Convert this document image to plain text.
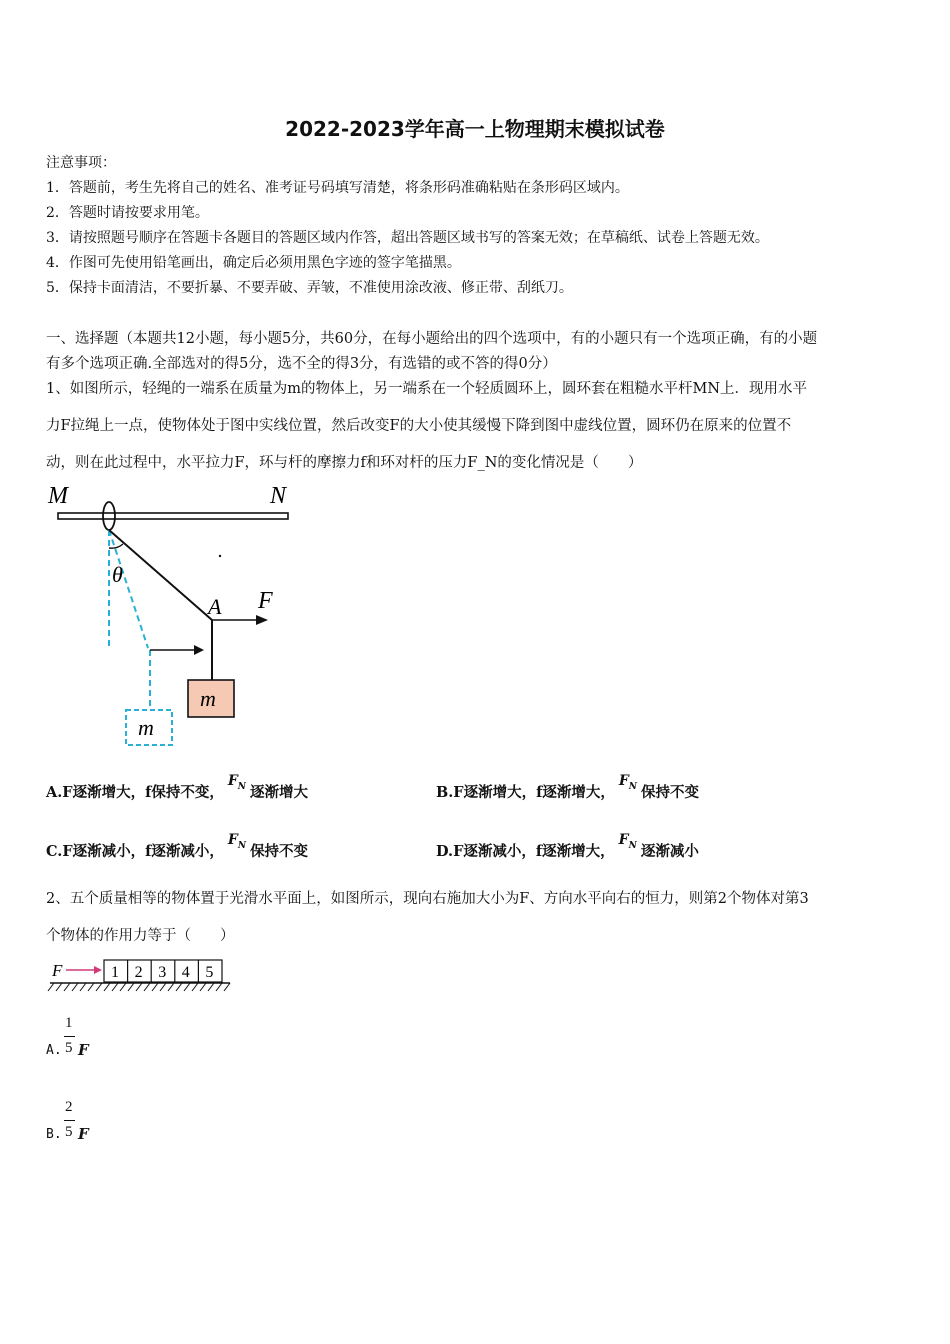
2022-2023学年高一上物理期末模拟试卷
注意事项：
1．答题前，考生先将自己的姓名、准考证号码填写清楚，将条形码准确粘贴在条形码区域内。
2．答题时请按要求用笔。
3．请按照题号顺序在答题卡各题目的答题区域内作答，超出答题区域书写的答案无效；在草稿纸、试卷上答题无效。
4．作图可先使用铅笔画出，确定后必须用黑色字迹的签字笔描黑。
5．保持卡面清洁，不要折暴、不要弄破、弄皱，不准使用涂改液、修正带、刮纸刀。
一、选择题（本题共12小题，每小题5分，共60分，在每小题给出的四个选项中，有的小题只有一个选项正确，有的小题
有多个选项正确.全部选对的得5分，选不全的得3分，有选错的或不答的得0分）
1、如图所示，轻绳的一端系在质量为m的物体上，另一端系在一个轻质圆环上，圆环套在粗糙水平杆MN上．现用水平
力F拉绳上一点，使物体处于图中实线位置，然后改变F的大小使其缓慢下降到图中虚线位置，圆环仍在原来的位置不
动，则在此过程中，水平拉力F，环与杆的摩擦力f和环对杆的压力F_N的变化情况是（　　）
M	N
m
m
A F
θ
A.F逐渐增大，f保持不变，$F_N$ 逐渐增大	B.F逐渐增大，f逐渐增大，$F_N$ 保持不变
C.F逐渐减小，f逐渐减小，$F_N$ 保持不变	D.F逐渐减小，f逐渐增大，$F_N$ 逐渐减小
2、五个质量相等的物体置于光滑水平面上，如图所示，现向右施加大小为F、方向水平向右的恒力，则第2个物体对第3
个物体的作用力等于（　　）
F	1 2 3 4 5
A.
1
5 F
B.
2
5 F
